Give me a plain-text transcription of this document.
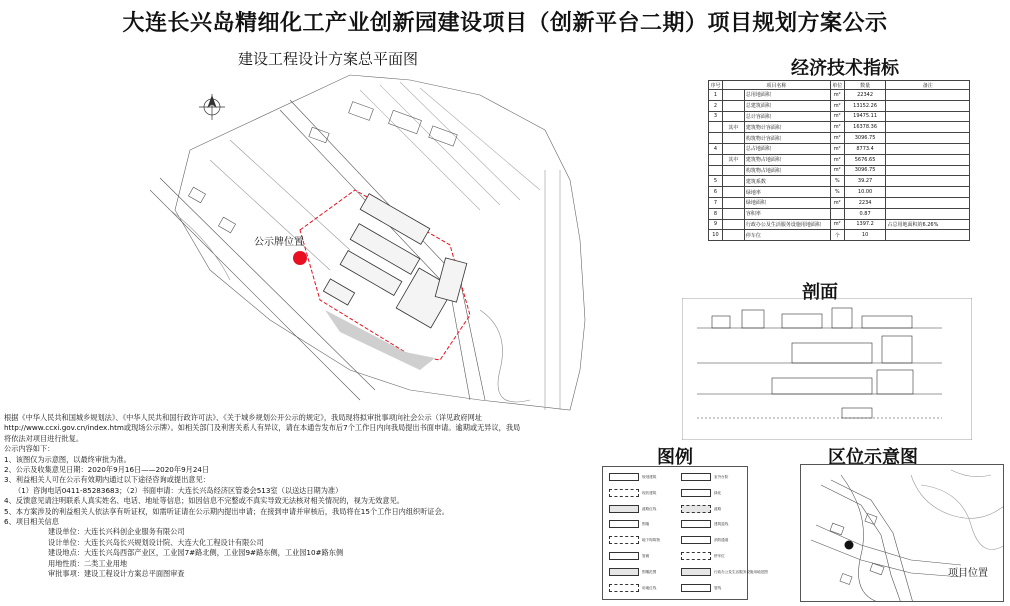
大连长兴岛精细化工产业创新园建设项目（创新平台二期）项目规划方案公示
建设工程设计方案总平面图
公示牌位置
经济技术指标
序号	项目名称		单位	数量	备注
1		总用地面积	m²	22342	
2		总建筑面积	m²	13152.26	
3		总计容面积	m²	19475.11	
	其中	建筑物计容面积	m²	16378.36	
		构筑物计容面积	m²	3096.75	
4		总占地面积	m²	8773.4	
	其中	建筑物占地面积	m²	5676.65	
		构筑物占地面积	m²	3096.75	
5		建筑系数	%	39.27	
6		绿地率	%	10.00	
7		绿地面积	m²	2234	
8		容积率		0.87	
9		行政办公及生活服务设施用地面积	m²	1397.2	占总用地面积的6.26%
10		停车位	个	10	
剖面

根据《中华人民共和国城乡规划法》、《中华人民共和国行政许可法》、《关于城乡规划公开公示的规定》，我局现将拟审批事项向社会公示（详见政府网址

http://www.ccxi.gov.cn/index.htm或现场公示牌）。如相关部门及利害关系人有异议，请在本通告发布后7个工作日内向我局提出书面申请。逾期或无异议，我局

将依法对项目进行批复。

公示内容如下：

1、该图仅为示意图，以最终审批为准。

2、公示及收集意见日期：2020年9月16日——2020年9月24日

3、利益相关人可在公示有效期内通过以下途径咨询或提出意见：

（1）咨询电话0411-85283683；（2）书面申请：大连长兴岛经济区管委会513室（以送达日期为准）

4、反馈意见请注明联系人真实姓名、电话、地址等信息；如因信息不完整或不真实导致无法核对相关情况的，视为无效意见。

5、本方案涉及的利益相关人依法享有听证权，如需听证请在公示期内提出申请；在接到申请并审核后，我局将在15个工作日内组织听证会。

6、项目相关信息

建设单位：大连长兴科创企业服务有限公司

设计单位：大连长兴岛长兴规划设计院、大连大化工程设计有限公司

建设地点：大连长兴岛西部产业区，工业园7#路北侧，工业园9#路东侧，工业园10#路东侧

用地性质：二类工业用地

审批事项：建设工程设计方案总平面图审查

图例
规划建筑
现状建筑
道路红线
围墙
地下构筑物
管廊
围堰范围
用地红线
室外台阶
绿化
道路
建筑退线
消防通道
停车位
行政办公及生活服务设施用地范围
管线
区位示意图
项目位置
